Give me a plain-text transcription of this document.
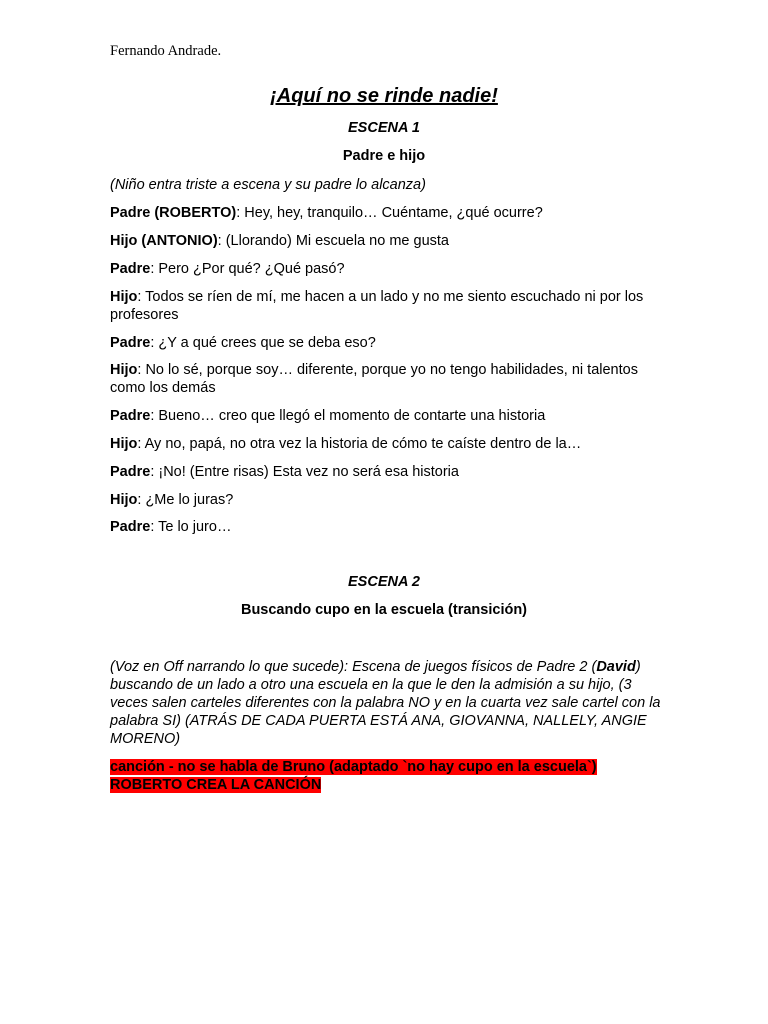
Fernando Andrade.
¡Aquí no se rinde nadie!
ESCENA 1
Padre e hijo
(Niño entra triste a escena y su padre lo alcanza)
Padre (ROBERTO): Hey, hey, tranquilo… Cuéntame, ¿qué ocurre?
Hijo (ANTONIO): (Llorando) Mi escuela no me gusta
Padre: Pero ¿Por qué? ¿Qué pasó?
Hijo: Todos se ríen de mí, me hacen a un lado y no me siento escuchado ni por los profesores
Padre: ¿Y a qué crees que se deba eso?
Hijo: No lo sé, porque soy… diferente, porque yo no tengo habilidades, ni talentos como los demás
Padre: Bueno… creo que llegó el momento de contarte una historia
Hijo: Ay no, papá, no otra vez la historia de cómo te caíste dentro de la…
Padre: ¡No! (Entre risas) Esta vez no será esa historia
Hijo: ¿Me lo juras?
Padre: Te lo juro…
ESCENA 2
Buscando cupo en la escuela (transición)
(Voz en Off narrando lo que sucede): Escena de juegos físicos de Padre 2 (David) buscando de un lado a otro una escuela en la que le den la admisión a su hijo, (3 veces salen carteles diferentes con la palabra NO y en la cuarta vez sale cartel con la palabra SI) (ATRÁS DE CADA PUERTA ESTÁ ANA, GIOVANNA, NALLELY, ANGIE MORENO)
canción - no se habla de Bruno (adaptado `no hay cupo en la escuela`)
ROBERTO CREA LA CANCIÓN
